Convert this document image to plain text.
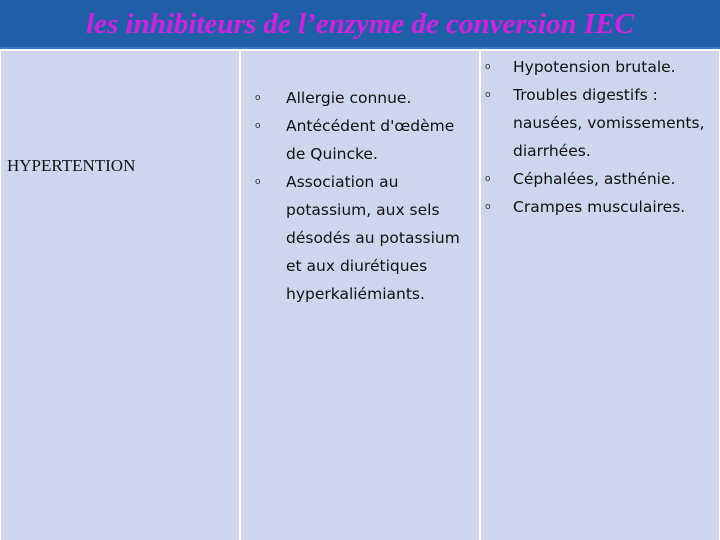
les inhibiteurs de l’enzyme de conversion IEC
HYPERTENTION
o Allergie connue.
o Antécédent d'œdème de Quincke.
o Association au potassium, aux sels désodés au potassium et aux diurétiques hyperkaliémiants.
o Hypotension brutale.
o Troubles digestifs : nausées, vomissements, diarrhées.
o Céphalées, asthénie.
o Crampes musculaires.
